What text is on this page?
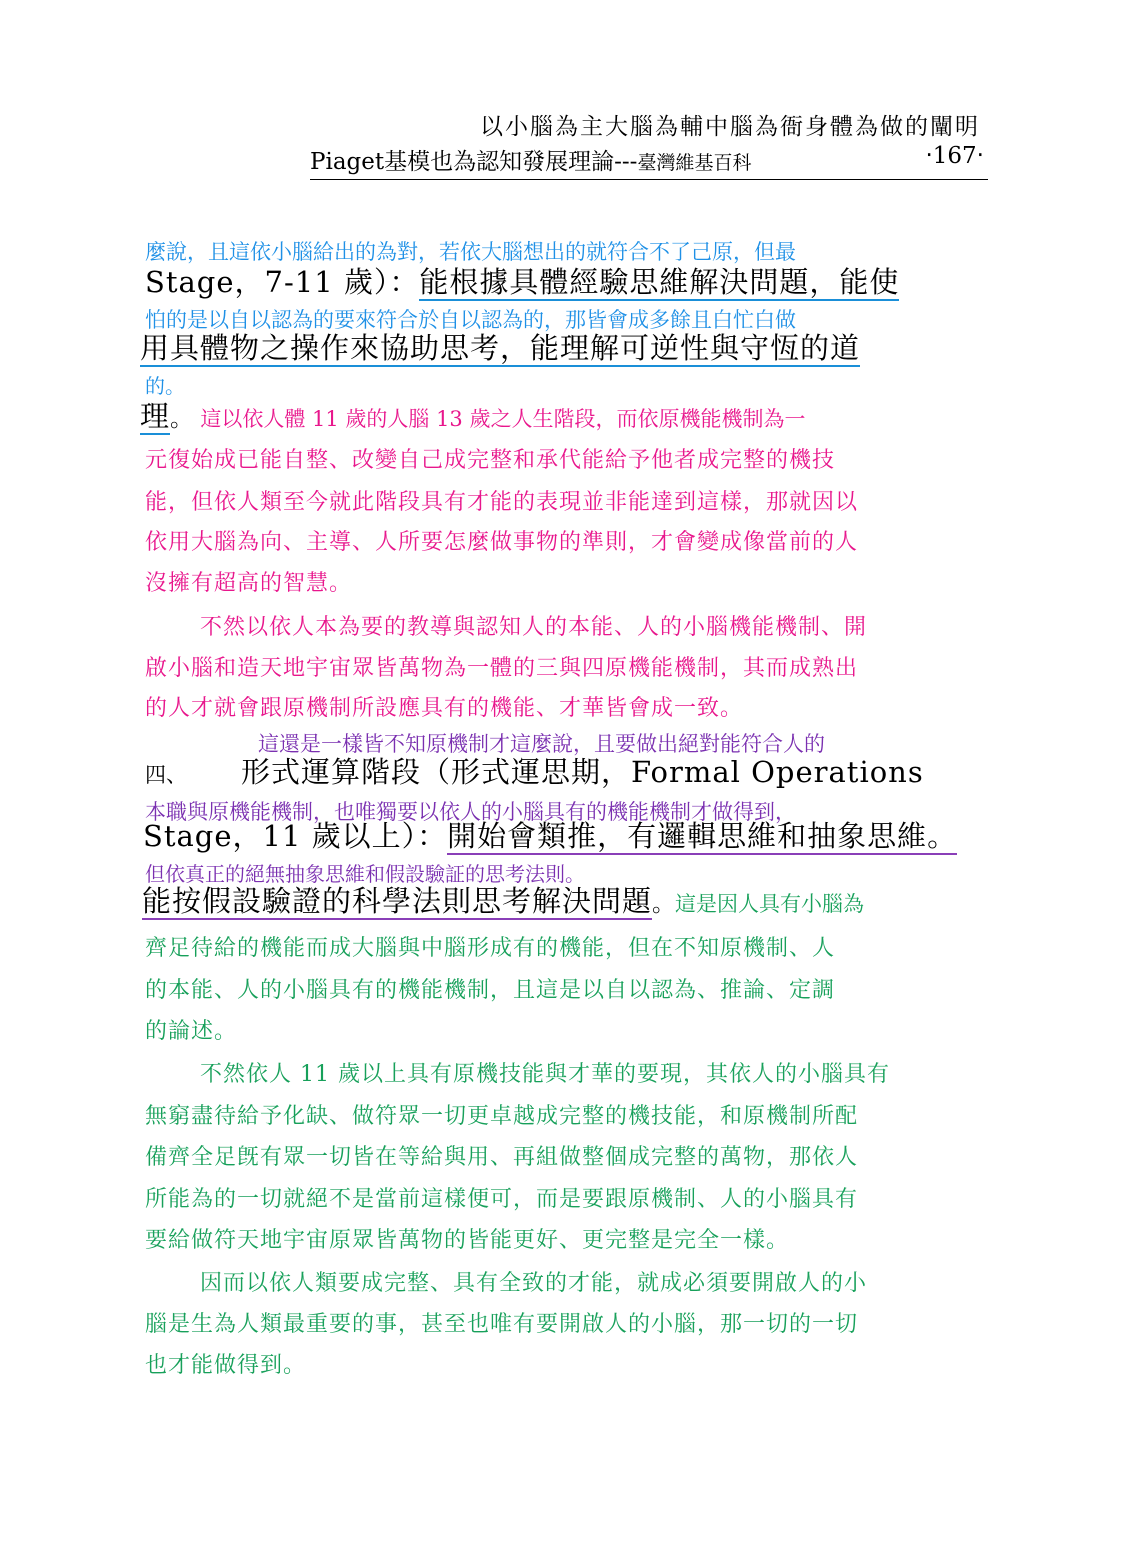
以小腦為主大腦為輔中腦為衙身體為做的闡明
Piaget基模也為認知發展理論---臺灣維基百科	‧167‧
麼說，且這依小腦給出的為對，若依大腦想出的就符合不了己原，但最
Stage，7-11 歲）：能根據具體經驗思維解決問題，能使
怕的是以自以認為的要來符合於自以認為的，那皆會成多餘且白忙白做
用具體物之操作來協助思考，能理解可逆性與守恆的道
的。
理。 這以依人體 11 歲的人腦 13 歲之人生階段，而依原機能機制為一
元復始成已能自整、改變自己成完整和承代能給予他者成完整的機技
能，但依人類至今就此階段具有才能的表現並非能達到這樣，那就因以
依用大腦為向、主導、人所要怎麼做事物的準則，才會變成像當前的人
沒擁有超高的智慧。
不然以依人本為要的教導與認知人的本能、人的小腦機能機制、開
啟小腦和造天地宇宙眾皆萬物為一體的三與四原機能機制，其而成熟出
的人才就會跟原機制所設應具有的機能、才華皆會成一致。
這還是一樣皆不知原機制才這麼說，且要做出絕對能符合人的
四、 形式運算階段（形式運思期，Formal Operations
本職與原機能機制，也唯獨要以依人的小腦具有的機能機制才做得到，
Stage，11 歲以上）：開始會類推，有邏輯思維和抽象思維。
但依真正的絕無抽象思維和假設驗証的思考法則。
能按假設驗證的科學法則思考解決問題。這是因人具有小腦為
齊足待給的機能而成大腦與中腦形成有的機能，但在不知原機制、人
的本能、人的小腦具有的機能機制，且這是以自以認為、推論、定調
的論述。
不然依人 11 歲以上具有原機技能與才華的要現，其依人的小腦具有
無窮盡待給予化缺、做符眾一切更卓越成完整的機技能，和原機制所配
備齊全足旣有眾一切皆在等給與用、再組做整個成完整的萬物，那依人
所能為的一切就絕不是當前這樣便可，而是要跟原機制、人的小腦具有
要給做符天地宇宙原眾皆萬物的皆能更好、更完整是完全一樣。
因而以依人類要成完整、具有全致的才能，就成必須要開啟人的小
腦是生為人類最重要的事，甚至也唯有要開啟人的小腦，那一切的一切
也才能做得到。
